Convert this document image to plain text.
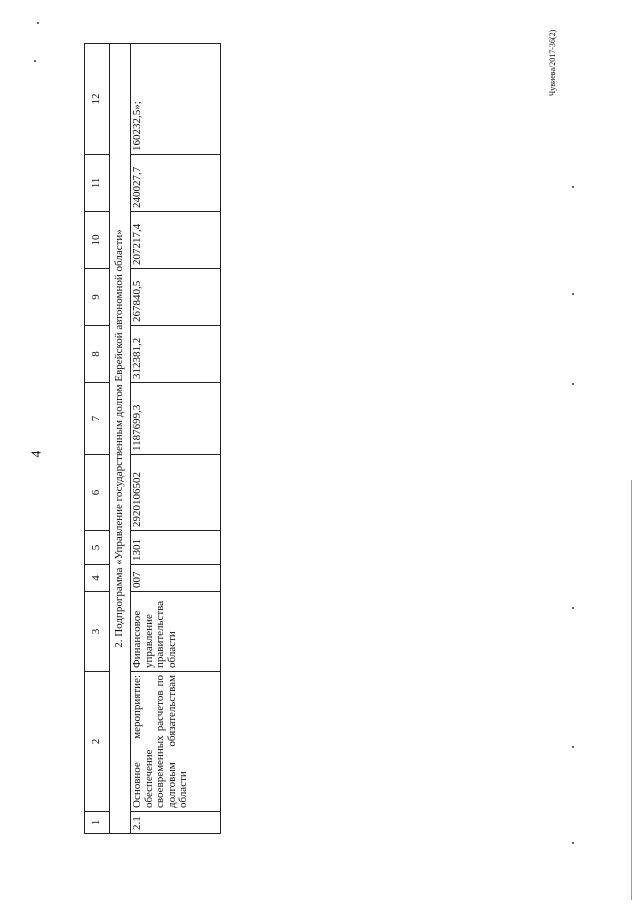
4
Чувиева/2017-36(2)
1	2	3	4	5	6	7	8	9	10	11	12
2. Подпрограмма «Управление государственным долгом Еврейской автономной области»											
2.1	Основное мероприятие: обеспечение своевременных расчетов по долговым обязательствам области	Финансовое управление правительства области	007	1301	2920106502	1187699,3	312381,2	267840,5	207217,4	240027,7	160232,5»;
